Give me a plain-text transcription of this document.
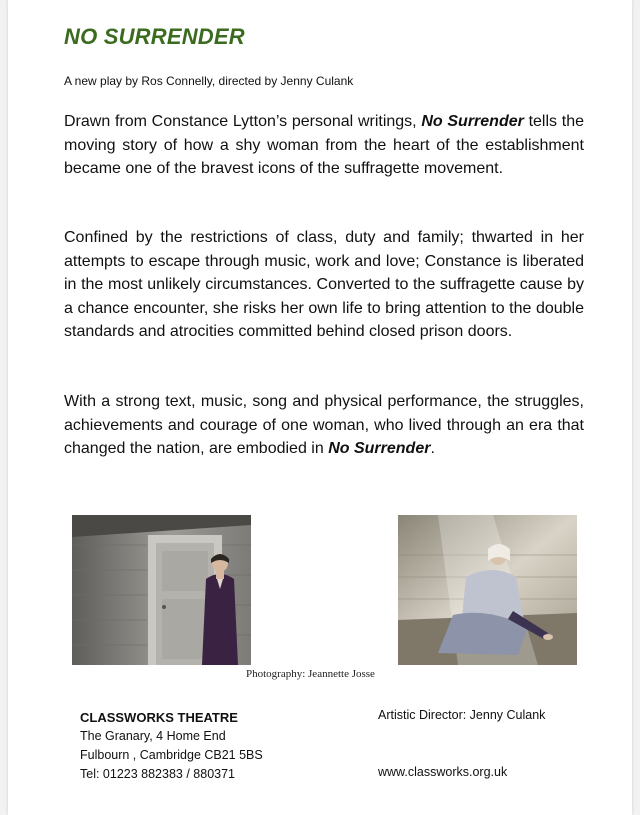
NO SURRENDER
A new play by Ros Connelly, directed by Jenny Culank

Drawn from Constance Lytton’s personal writings, No Surrender tells the moving story of how a shy woman from the heart of the establishment became one of the bravest icons of the suffragette movement.

Confined by the restrictions of class, duty and family; thwarted in her attempts to escape through music, work and love; Constance is liberated in the most unlikely circumstances. Converted to the suffragette cause by a chance encounter, she risks her own life to bring attention to the double standards and atrocities committed behind closed prison doors.

With a strong text, music, song and physical performance, the struggles, achievements and courage of one woman, who lived through an era that changed the nation, are embodied in No Surrender.

Photography: Jeannette Josse
CLASSWORKS THEATRE
The Granary, 4 Home End
Fulbourn , Cambridge CB21 5BS
Tel: 01223 882383 / 880371
Artistic Director: Jenny Culank
www.classworks.org.uk
